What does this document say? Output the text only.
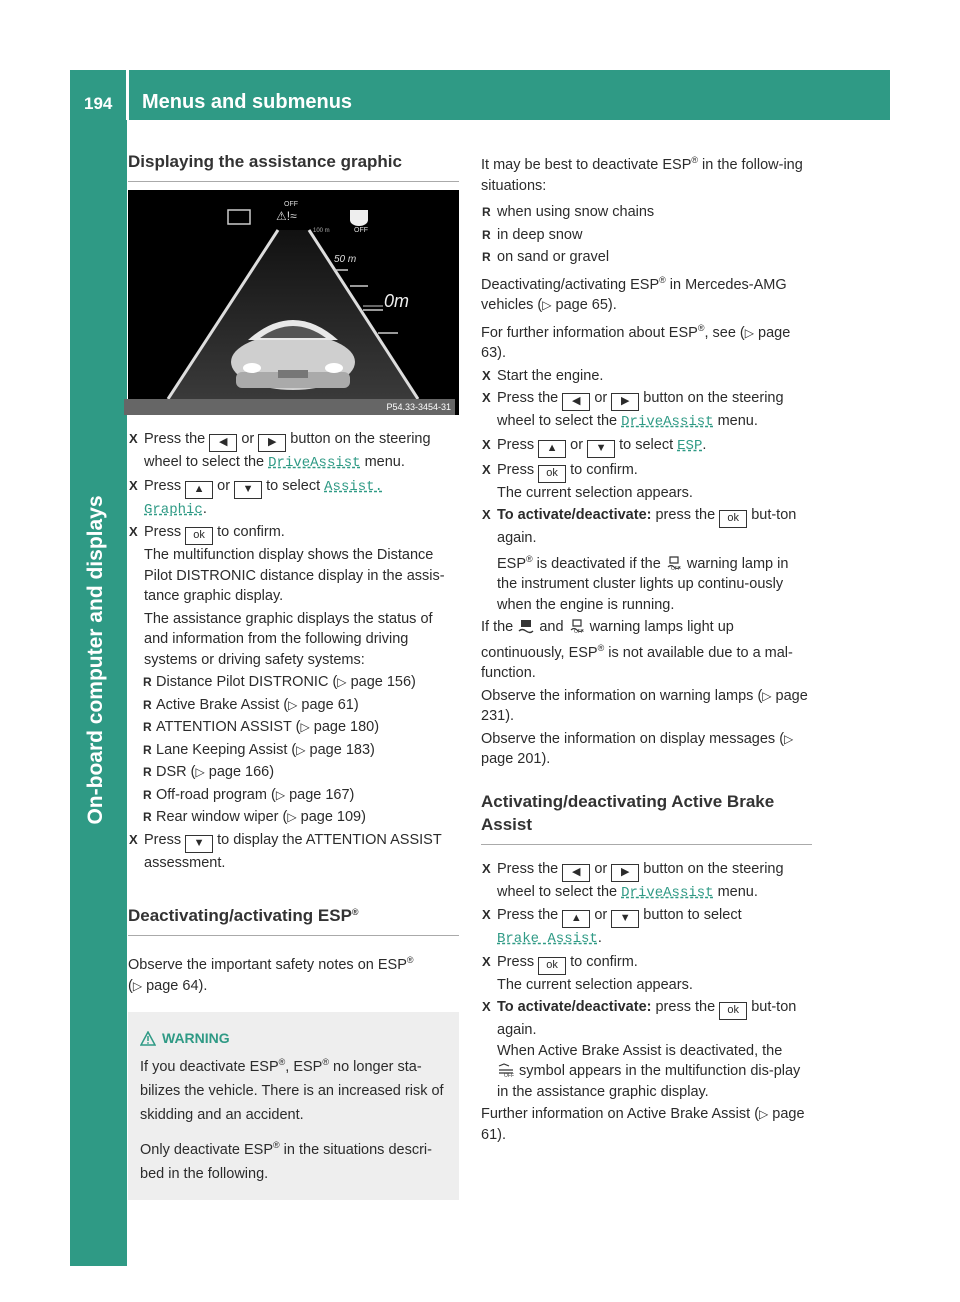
194 Menus and submenus
On-board computer and displays
Displaying the assistance graphic
OFF
⚠!≈
OFF
100 m
50 m
0m
P54.33-3454-31
X Press the ◀ or ▶ button on the steering wheel to select the DriveAssist menu.
X Press ▲ or ▼ to select Assist.
Graphic.
X Press ok to confirm.
The multifunction display shows the Distance Pilot DISTRONIC distance display in the assis-tance graphic display.

The assistance graphic displays the status of and information from the following driving systems or driving safety systems:

R Distance Pilot DISTRONIC (▷ page 156)
R Active Brake Assist (▷ page 61)
R ATTENTION ASSIST (▷ page 180)
R Lane Keeping Assist (▷ page 183)
R DSR (▷ page 166)
R Off-road program (▷ page 167)
R Rear window wiper (▷ page 109)
X Press ▼ to display the ATTENTION ASSIST assessment.
Deactivating/activating ESP®

Observe the important safety notes on ESP®
(▷ page 64).

WARNING

If you deactivate ESP®, ESP® no longer sta-bilizes the vehicle. There is an increased risk of skidding and an accident.

Only deactivate ESP® in the situations descri-bed in the following.

It may be best to deactivate ESP® in the follow-ing situations:

R when using snow chains
R in deep snow
R on sand or gravel

Deactivating/activating ESP® in Mercedes-AMG vehicles (▷ page 65).

For further information about ESP®, see (▷ page 63).

X Start the engine.
X Press the ◀ or ▶ button on the steering wheel to select the DriveAssist menu.
X Press ▲ or ▼ to select ESP.
X Press ok to confirm.
The current selection appears.
X To activate/deactivate: press the ok but-ton again.
ESP® is deactivated if the OFF warning lamp in the instrument cluster lights up continu-ously when the engine is running.

If the and OFF warning lamps light up continuously, ESP® is not available due to a mal-function.

Observe the information on warning lamps (▷ page 231).

Observe the information on display messages (▷ page 201).

Activating/deactivating Active Brake Assist
X Press the ◀ or ▶ button on the steering wheel to select the DriveAssist menu.
X Press the ▲ or ▼ button to select
Brake Assist.
X Press ok to confirm.
The current selection appears.
X To activate/deactivate: press the ok but-ton again.
When Active Brake Assist is deactivated, the

OFF symbol appears in the multifunction dis-play in the assistance graphic display.

Further information on Active Brake Assist (▷ page 61).
